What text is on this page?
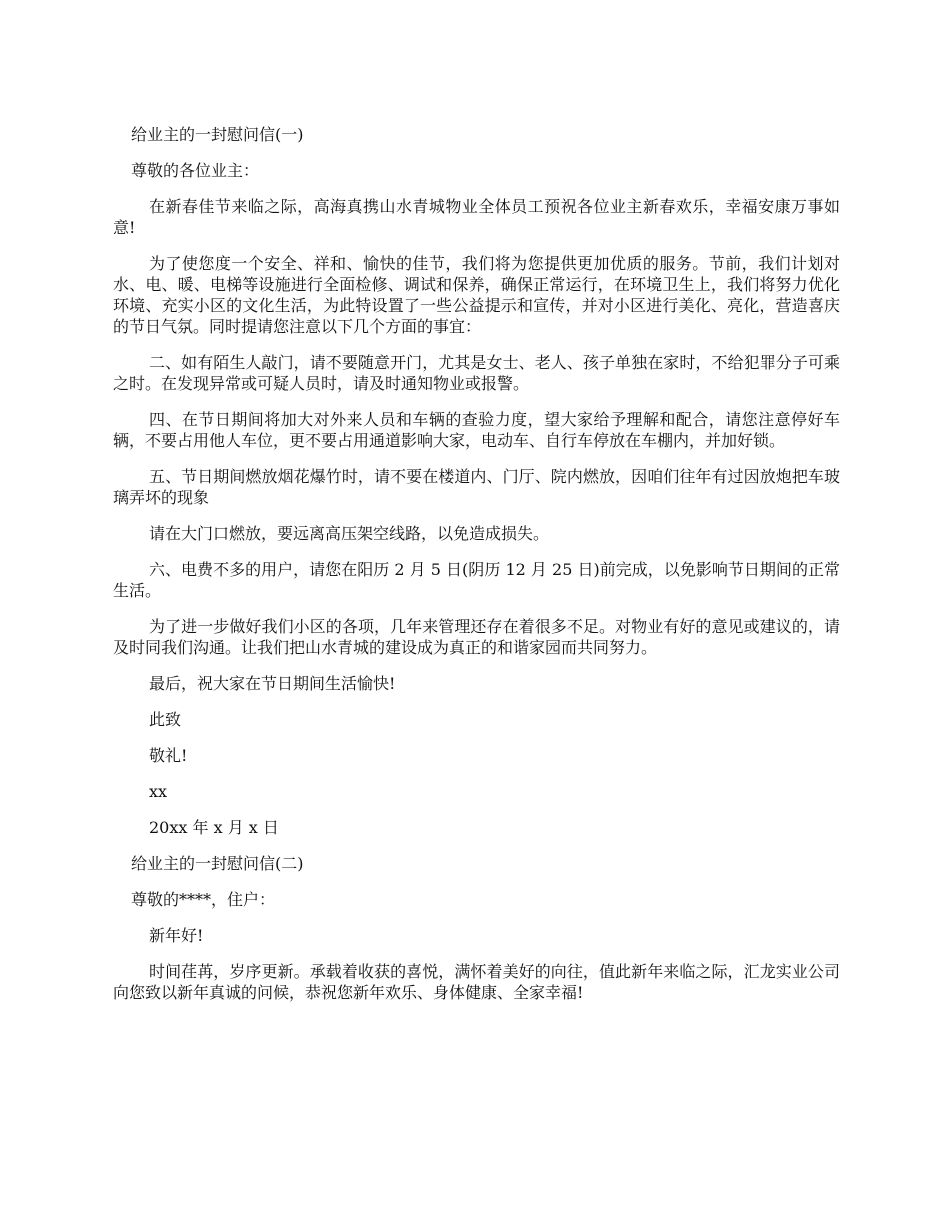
给业主的一封慰问信(一)

尊敬的各位业主：

在新春佳节来临之际，高海真携山水青城物业全体员工预祝各位业主新春欢乐，幸福安康万事如意!

为了使您度一个安全、祥和、愉快的佳节，我们将为您提供更加优质的服务。节前，我们计划对水、电、暖、电梯等设施进行全面检修、调试和保养，确保正常运行，在环境卫生上，我们将努力优化环境、充实小区的文化生活，为此特设置了一些公益提示和宣传，并对小区进行美化、亮化，营造喜庆的节日气氛。同时提请您注意以下几个方面的事宜：

二、如有陌生人敲门，请不要随意开门，尤其是女士、老人、孩子单独在家时，不给犯罪分子可乘之时。在发现异常或可疑人员时，请及时通知物业或报警。

四、在节日期间将加大对外来人员和车辆的查验力度，望大家给予理解和配合，请您注意停好车辆，不要占用他人车位，更不要占用通道影响大家，电动车、自行车停放在车棚内，并加好锁。

五、节日期间燃放烟花爆竹时，请不要在楼道内、门厅、院内燃放，因咱们往年有过因放炮把车玻璃弄坏的现象

请在大门口燃放，要远离高压架空线路，以免造成损失。

六、电费不多的用户，请您在阳历 2 月 5 日(阴历 12 月 25 日)前完成，以免影响节日期间的正常生活。

为了进一步做好我们小区的各项，几年来管理还存在着很多不足。对物业有好的意见或建议的，请及时同我们沟通。让我们把山水青城的建设成为真正的和谐家园而共同努力。

最后，祝大家在节日期间生活愉快!

此致

敬礼!

xx

20xx 年 x 月 x 日

给业主的一封慰问信(二)

尊敬的****，住户：

新年好!

时间荏苒，岁序更新。承载着收获的喜悦，满怀着美好的向往，值此新年来临之际，汇龙实业公司向您致以新年真诚的问候，恭祝您新年欢乐、身体健康、全家幸福!
